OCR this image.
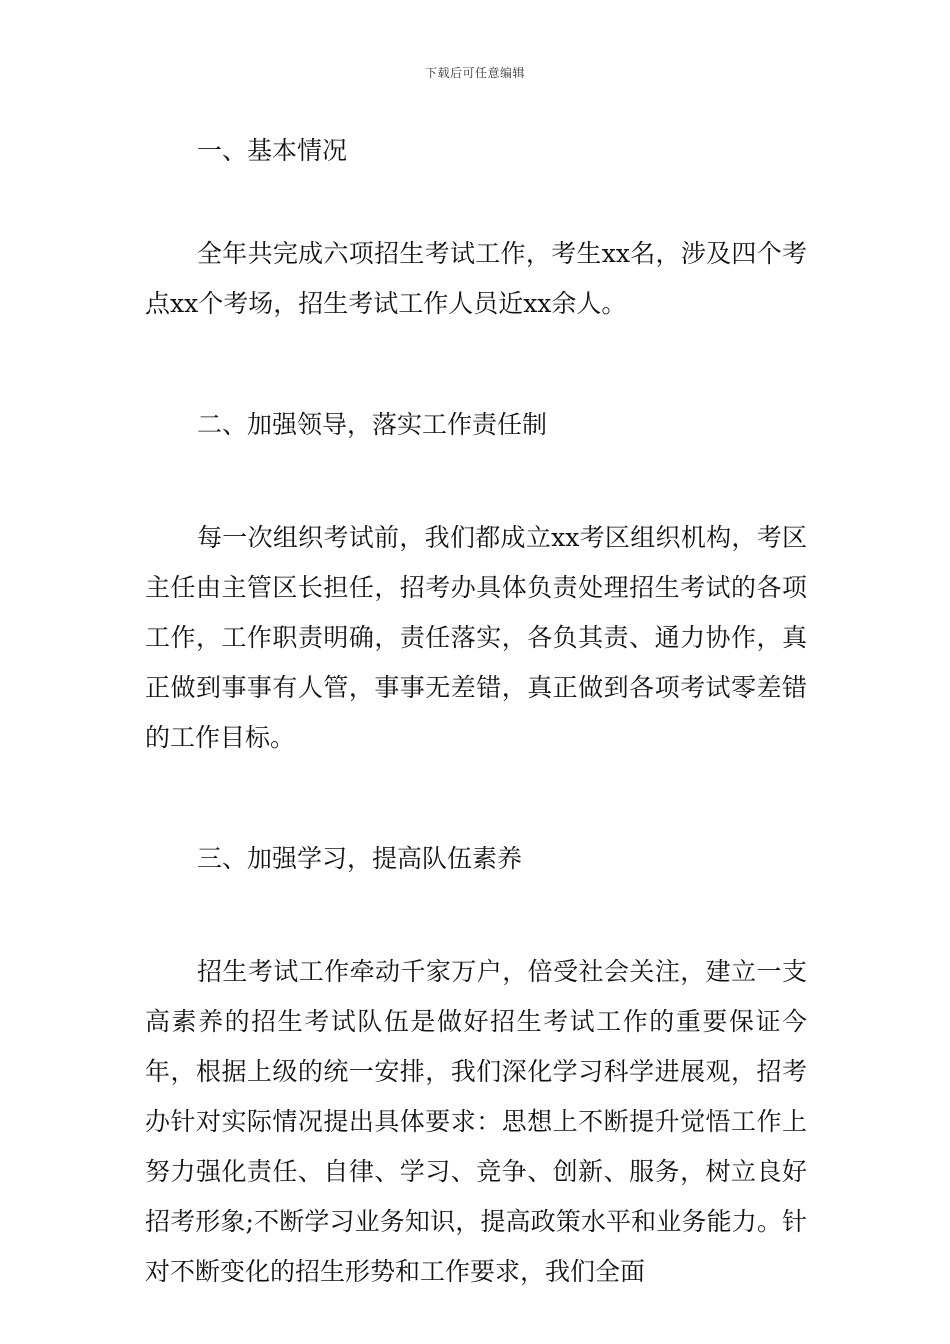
下载后可任意编辑
一、基本情况

全年共完成六项招生考试工作，考生xx名，涉及四个考点xx个考场，招生考试工作人员近xx余人。

二、加强领导，落实工作责任制

每一次组织考试前，我们都成立xx考区组织机构，考区主任由主管区长担任，招考办具体负责处理招生考试的各项工作，工作职责明确，责任落实，各负其责、通力协作，真正做到事事有人管，事事无差错，真正做到各项考试零差错的工作目标。

三、加强学习，提高队伍素养

招生考试工作牵动千家万户，倍受社会关注，建立一支高素养的招生考试队伍是做好招生考试工作的重要保证今年，根据上级的统一安排，我们深化学习科学进展观，招考办针对实际情况提出具体要求：思想上不断提升觉悟工作上努力强化责任、自律、学习、竞争、创新、服务，树立良好招考形象;不断学习业务知识，提高政策水平和业务能力。针对不断变化的招生形势和工作要求，我们全面
